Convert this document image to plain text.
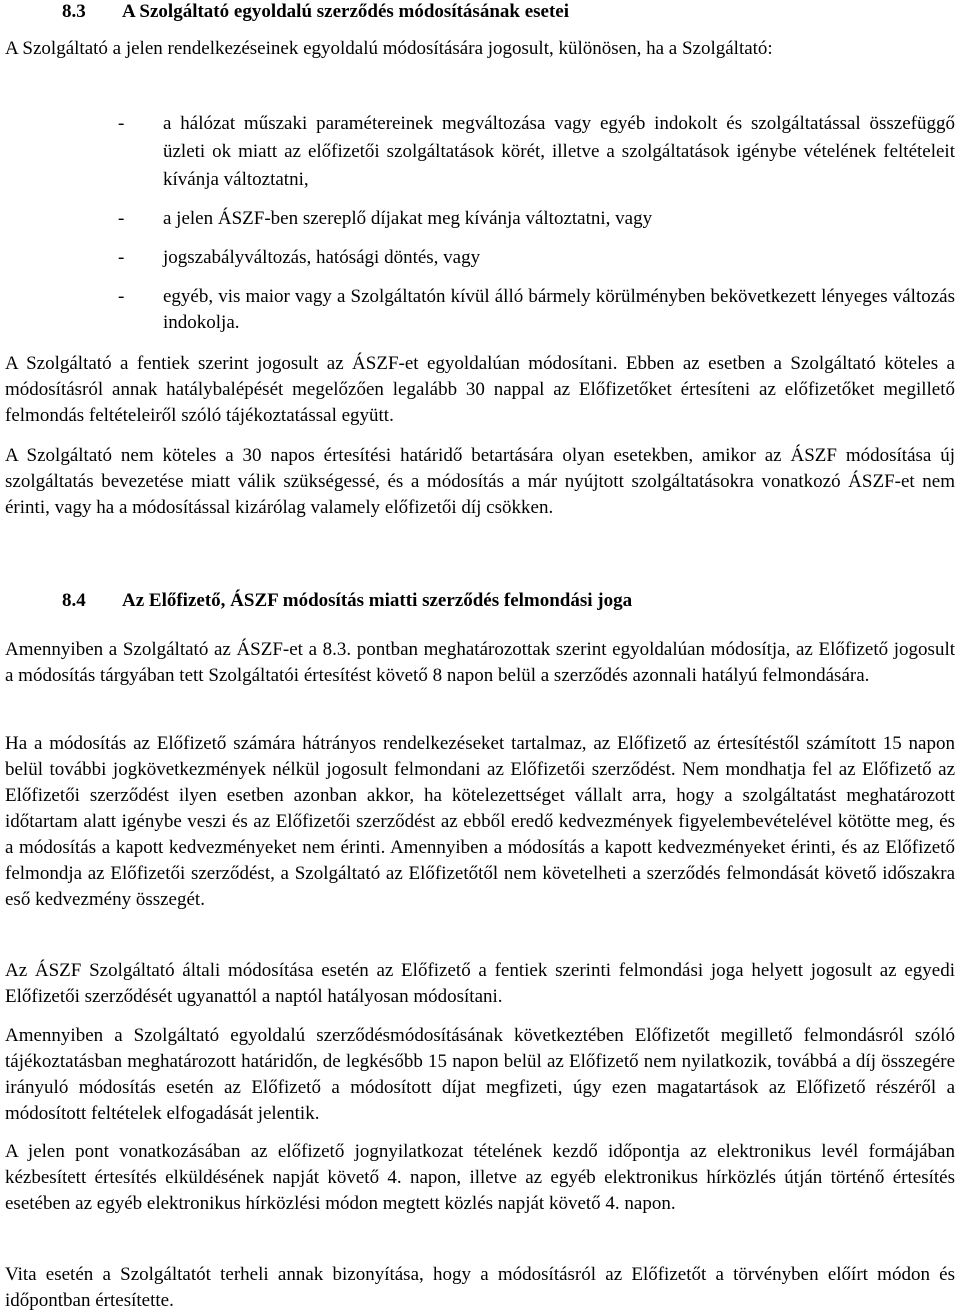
8.3	A Szolgáltató egyoldalú szerződés módosításának esetei

A Szolgáltató a jelen rendelkezéseinek egyoldalú módosítására jogosult, különösen, ha a Szolgáltató:

-	a hálózat műszaki paramétereinek megváltozása vagy egyéb indokolt és szolgáltatással összefüggő üzleti ok miatt az előfizetői szolgáltatások körét, illetve a szolgáltatások igénybe vételének feltételeit kívánja változtatni,
-	a jelen ÁSZF-ben szereplő díjakat meg kívánja változtatni, vagy
-	jogszabályváltozás, hatósági döntés, vagy
-	egyéb, vis maior vagy a Szolgáltatón kívül álló bármely körülményben bekövetkezett lényeges változás indokolja.

A Szolgáltató a fentiek szerint jogosult az ÁSZF-et egyoldalúan módosítani. Ebben az esetben a Szolgáltató köteles a módosításról annak hatálybalépését megelőzően legalább 30 nappal az Előfizetőket értesíteni az előfizetőket megillető felmondás feltételeiről szóló tájékoztatással együtt.

A Szolgáltató nem köteles a 30 napos értesítési határidő betartására olyan esetekben, amikor az ÁSZF módosítása új szolgáltatás bevezetése miatt válik szükségessé, és a módosítás a már nyújtott szolgáltatásokra vonatkozó ÁSZF-et nem érinti, vagy ha a módosítással kizárólag valamely előfizetői díj csökken.

8.4	Az Előfizető, ÁSZF módosítás miatti szerződés felmondási joga

Amennyiben a Szolgáltató az ÁSZF-et a 8.3. pontban meghatározottak szerint egyoldalúan módosítja, az Előfizető jogosult a módosítás tárgyában tett Szolgáltatói értesítést követő 8 napon belül a szerződés azonnali hatályú felmondására.

Ha a módosítás az Előfizető számára hátrányos rendelkezéseket tartalmaz, az Előfizető az értesítéstől számított 15 napon belül további jogkövetkezmények nélkül jogosult felmondani az Előfizetői szerződést. Nem mondhatja fel az Előfizető az Előfizetői szerződést ilyen esetben azonban akkor, ha kötelezettséget vállalt arra, hogy a szolgáltatást meghatározott időtartam alatt igénybe veszi és az Előfizetői szerződést az ebből eredő kedvezmények figyelembevételével kötötte meg, és a módosítás a kapott kedvezményeket nem érinti. Amennyiben a módosítás a kapott kedvezményeket érinti, és az Előfizető felmondja az Előfizetői szerződést, a Szolgáltató az Előfizetőtől nem követelheti a szerződés felmondását követő időszakra eső kedvezmény összegét.

Az ÁSZF Szolgáltató általi módosítása esetén az Előfizető a fentiek szerinti felmondási joga helyett jogosult az egyedi Előfizetői szerződését ugyanattól a naptól hatályosan módosítani.

Amennyiben a Szolgáltató egyoldalú szerződésmódosításának következtében Előfizetőt megillető felmondásról szóló tájékoztatásban meghatározott határidőn, de legkésőbb 15 napon belül az Előfizető nem nyilatkozik, továbbá a díj összegére irányuló módosítás esetén az Előfizető a módosított díjat megfizeti, úgy ezen magatartások az Előfizető részéről a módosított feltételek elfogadását jelentik.

A jelen pont vonatkozásában az előfizető jognyilatkozat tételének kezdő időpontja az elektronikus levél formájában kézbesített értesítés elküldésének napját követő 4. napon, illetve az egyéb elektronikus hírközlés útján történő értesítés esetében az egyéb elektronikus hírközlési módon megtett közlés napját követő 4. napon.

Vita esetén a Szolgáltatót terheli annak bizonyítása, hogy a módosításról az Előfizetőt a törvényben előírt módon és időpontban értesítette.
